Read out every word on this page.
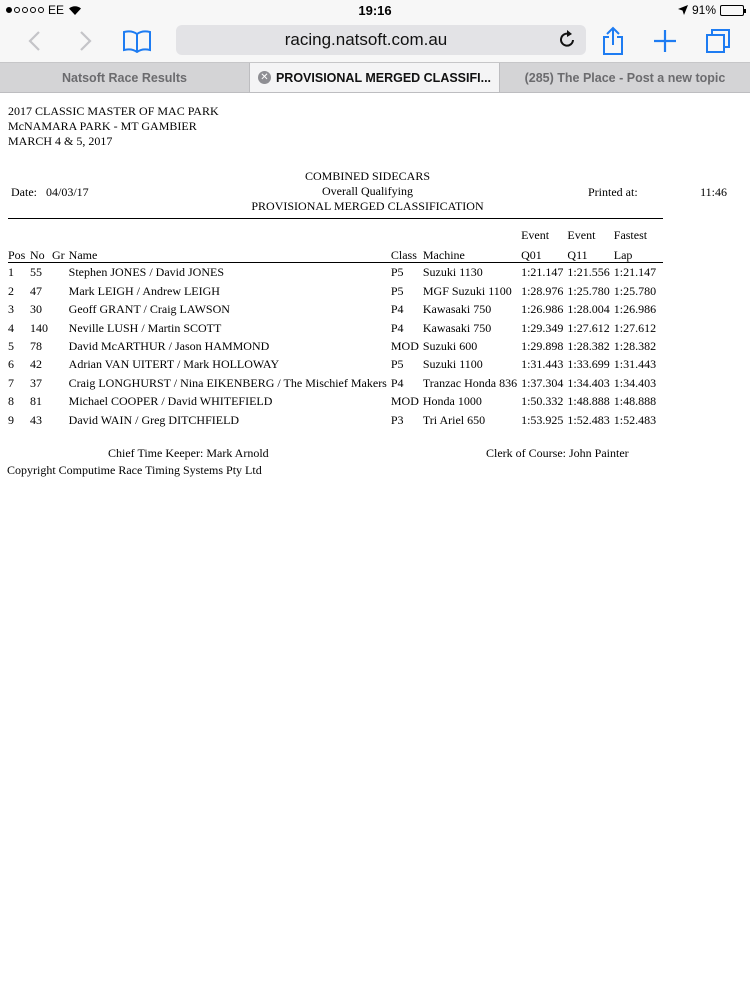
EE	19:16	91%
racing.natsoft.com.au
Natsoft Race Results	✕ PROVISIONAL MERGED CLASSIFI...	(285) The Place - Post a new topic
2017 CLASSIC MASTER OF MAC PARK
McNAMARA PARK - MT GAMBIER
MARCH 4 & 5, 2017
COMBINED SIDECARS
Overall Qualifying
PROVISIONAL MERGED CLASSIFICATION
Date: 04/03/17	Printed at:	11:46
						Event	Event	Fastest
Pos	No	Gr	Name	Class	Machine	Q01	Q11	Lap
1	55		Stephen JONES / David JONES	P5	Suzuki 1130	1:21.147	1:21.556	1:21.147
2	47		Mark LEIGH / Andrew LEIGH	P5	MGF Suzuki 1100	1:28.976	1:25.780	1:25.780
3	30		Geoff GRANT / Craig LAWSON	P4	Kawasaki 750	1:26.986	1:28.004	1:26.986
4	140		Neville LUSH / Martin SCOTT	P4	Kawasaki 750	1:29.349	1:27.612	1:27.612
5	78		David McARTHUR / Jason HAMMOND	MOD	Suzuki 600	1:29.898	1:28.382	1:28.382
6	42		Adrian VAN UITERT / Mark HOLLOWAY	P5	Suzuki 1100	1:31.443	1:33.699	1:31.443
7	37		Craig LONGHURST / Nina EIKENBERG / The Mischief Makers	P4	Tranzac Honda 836	1:37.304	1:34.403	1:34.403
8	81		Michael COOPER / David WHITEFIELD	MOD	Honda 1000	1:50.332	1:48.888	1:48.888
9	43		David WAIN / Greg DITCHFIELD	P3	Tri Ariel 650	1:53.925	1:52.483	1:52.483
Chief Time Keeper: Mark Arnold	Clerk of Course: John Painter
Copyright Computime Race Timing Systems Pty Ltd
